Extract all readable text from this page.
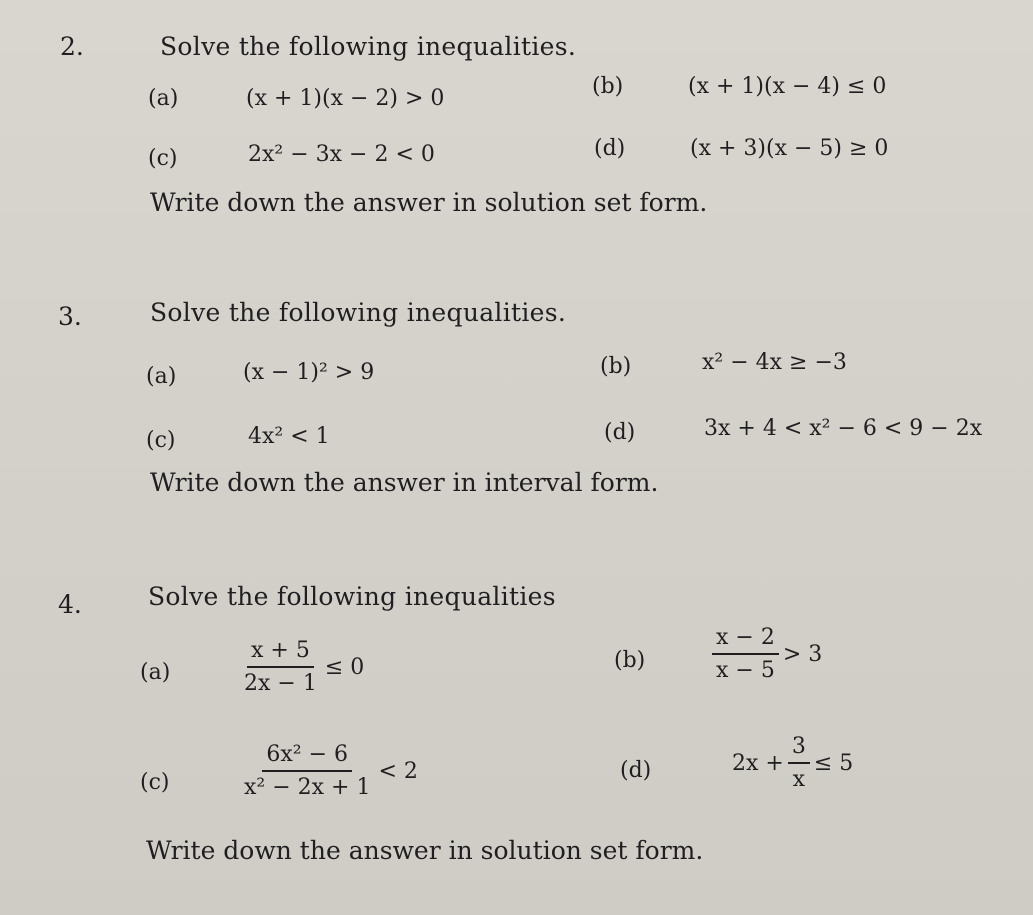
2.	Solve the following inequalities.
(a)	(x + 1)(x − 2) > 0	(b)	(x + 1)(x − 4) ≤ 0
(c)	2x² − 3x − 2 < 0	(d)	(x + 3)(x − 5) ≥ 0
Write down the answer in solution set form.
3.	Solve the following inequalities.
(a)	(x − 1)² > 9	(b)	x² − 4x ≥ −3
(c)	4x² < 1	(d)	3x + 4 < x² − 6 < 9 − 2x
Write down the answer in interval form.
4.	Solve the following inequalities
(a)	$\frac{x + 5}{2x - 1} \le 0$	(b)	$\frac{x - 2}{x - 5} > 3$
(c)	$\frac{\text{6x² − 6}}{\text{x² − 2x + 1}} < 2$	(d)	$2x + \frac{3}{x} \le 5$
Write down the answer in solution set form.
